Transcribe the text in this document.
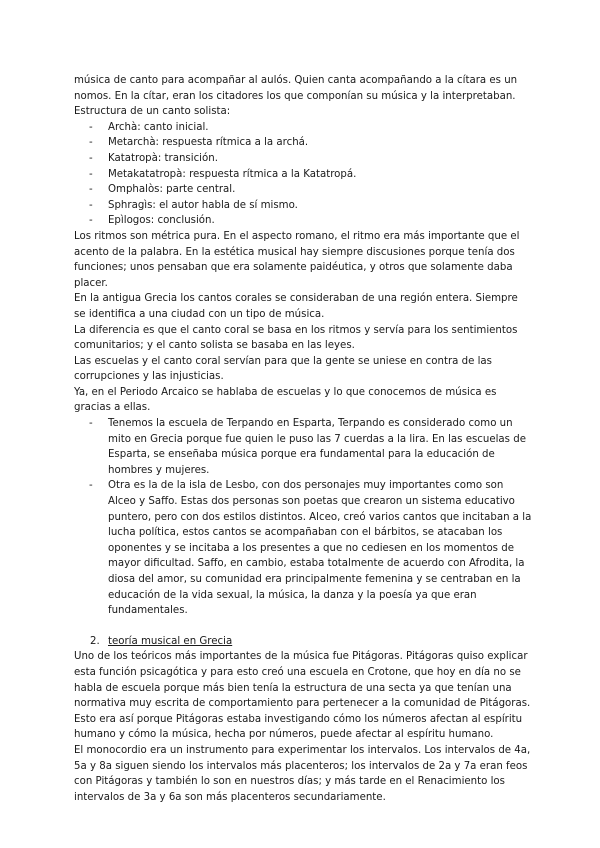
música de canto para acompañar al aulós. Quien canta acompañando a la cítara es un nomos. En la cítar, eran los citadores los que componían su música y la interpretaban.

Estructura de un canto solista:

- Archà: canto inicial.
- Metarchà: respuesta rítmica a la archá.
- Katatropà: transición.
- Metakatatropà: respuesta rítmica a la Katatropá.
- Omphalòs: parte central.
- Sphragìs: el autor habla de sí mismo.
- Epìlogos: conclusión.

Los ritmos son métrica pura. En el aspecto romano, el ritmo era más importante que el acento de la palabra. En la estética musical hay siempre discusiones porque tenía dos funciones; unos pensaban que era solamente paidéutica, y otros que solamente daba placer.

En la antigua Grecia los cantos corales se consideraban de una región entera. Siempre se identifica a una ciudad con un tipo de música.

La diferencia es que el canto coral se basa en los ritmos y servía para los sentimientos comunitarios; y el canto solista se basaba en las leyes.

Las escuelas y el canto coral servían para que la gente se uniese en contra de las corrupciones y las injusticias.

Ya, en el Periodo Arcaico se hablaba de escuelas y lo que conocemos de música es gracias a ellas.

- Tenemos la escuela de Terpando en Esparta, Terpando es considerado como un mito en Grecia porque fue quien le puso las 7 cuerdas a la lira. En las escuelas de Esparta, se enseñaba música porque era fundamental para la educación de hombres y mujeres.
- Otra es la de la isla de Lesbo, con dos personajes muy importantes como son Alceo y Saffo. Estas dos personas son poetas que crearon un sistema educativo puntero, pero con dos estilos distintos. Alceo, creó varios cantos que incitaban a la lucha política, estos cantos se acompañaban con el bárbitos, se atacaban los oponentes y se incitaba a los presentes a que no cediesen en los momentos de mayor dificultad. Saffo, en cambio, estaba totalmente de acuerdo con Afrodita, la diosa del amor, su comunidad era principalmente femenina y se centraban en la educación de la vida sexual, la música, la danza y la poesía ya que eran fundamentales.
2. teoría musical en Grecia

Uno de los teóricos más importantes de la música fue Pitágoras. Pitágoras quiso explicar esta función psicagótica y para esto creó una escuela en Crotone, que hoy en día no se habla de escuela porque más bien tenía la estructura de una secta ya que tenían una normativa muy escrita de comportamiento para pertenecer a la comunidad de Pitágoras. Esto era así porque Pitágoras estaba investigando cómo los números afectan al espíritu humano y cómo la música, hecha por números, puede afectar al espíritu humano.

El monocordio era un instrumento para experimentar los intervalos. Los intervalos de 4a, 5a y 8a siguen siendo los intervalos más placenteros; los intervalos de 2a y 7a eran feos con Pitágoras y también lo son en nuestros días; y más tarde en el Renacimiento los intervalos de 3a y 6a son más placenteros secundariamente.
